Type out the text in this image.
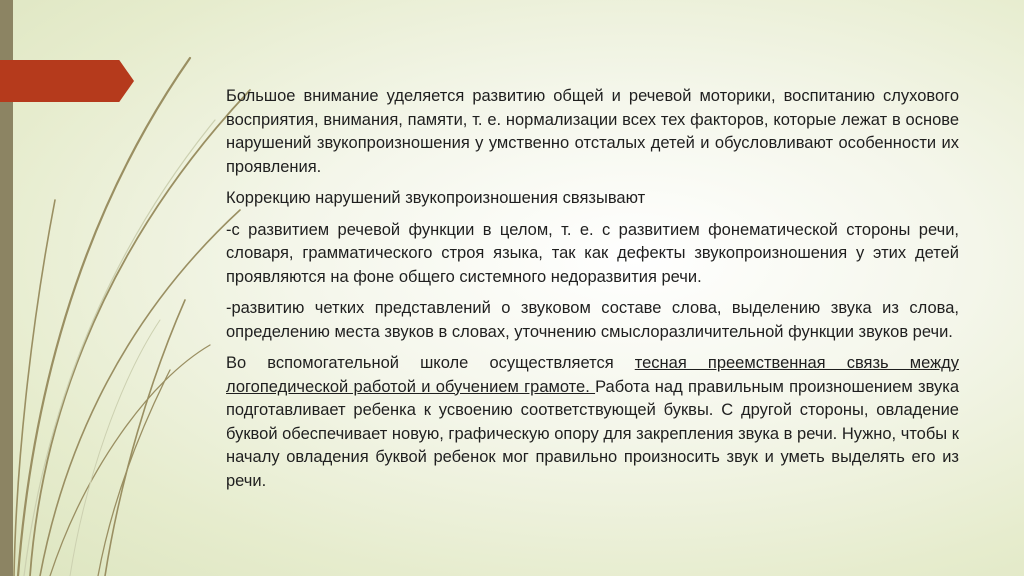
Большое внимание уделяется развитию общей и речевой моторики, воспитанию слухового восприятия, внимания, памяти, т. е. нормализации всех тех факторов, которые лежат в основе нарушений звукопроизношения у умственно отсталых детей и обусловливают особенности их проявления.

Коррекцию нарушений звукопроизношения связывают

-с развитием речевой функции в целом, т. е. с развитием фонематической стороны речи, словаря, грамматического строя языка, так как дефекты звукопроизношения у этих детей проявляются на фоне общего системного недоразвития речи.

-развитию четких представлений о звуковом составе слова, выделению звука из слова, определению места звуков в словах, уточнению смыслоразличительной функции звуков речи.

Во вспомогательной школе осуществляется тесная преемственная связь между логопедической работой и обучением грамоте. Работа над правильным произношением звука подготавливает ребенка к усвоению соответствующей буквы. С другой стороны, овладение буквой обеспечивает новую, графическую опору для закрепления звука в речи. Нужно, чтобы к началу овладения буквой ребенок мог правильно произносить звук и уметь выделять его из речи.
